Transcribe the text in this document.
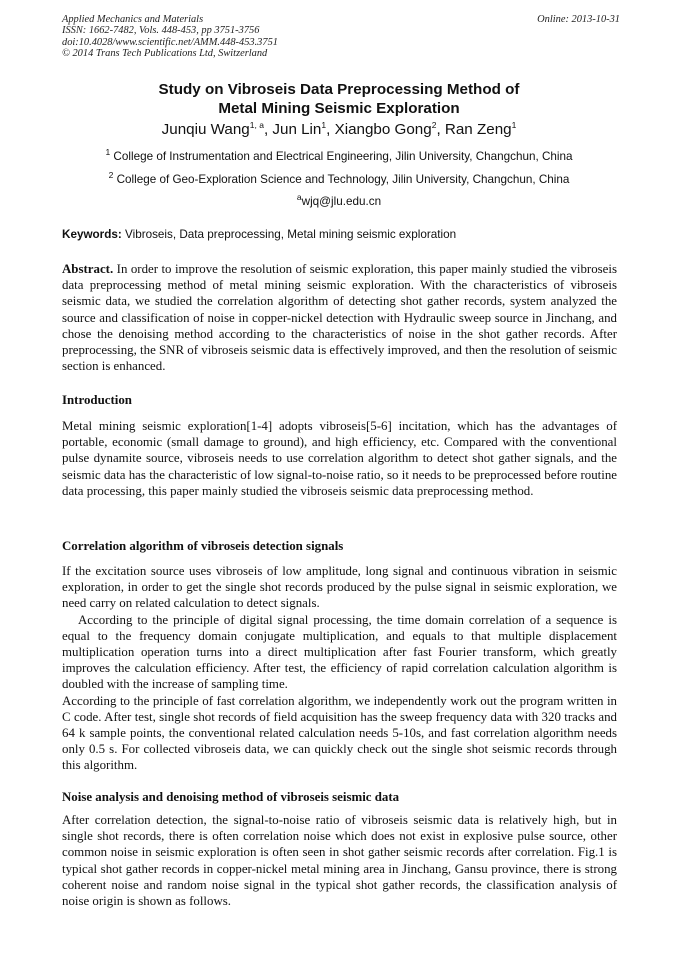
Applied Mechanics and Materials
ISSN: 1662-7482, Vols. 448-453, pp 3751-3756
doi:10.4028/www.scientific.net/AMM.448-453.3751
© 2014 Trans Tech Publications Ltd, Switzerland
Online: 2013-10-31
Study on Vibroseis Data Preprocessing Method of
Metal Mining Seismic Exploration
Junqiu Wang$^{1, a}$, Jun Lin$^1$, Xiangbo Gong$^2$, Ran Zeng$^1$
$^1$ College of Instrumentation and Electrical Engineering, Jilin University, Changchun, China
$^2$ College of Geo-Exploration Science and Technology, Jilin University, Changchun, China
$^a$wjq@jlu.edu.cn
Keywords: Vibroseis, Data preprocessing, Metal mining seismic exploration

Abstract. In order to improve the resolution of seismic exploration, this paper mainly studied the vibroseis data preprocessing method of metal mining seismic exploration. With the characteristics of vibroseis seismic data, we studied the correlation algorithm of detecting shot gather records, system analyzed the source and classification of noise in copper-nickel detection with Hydraulic sweep source in Jinchang, and chose the denoising method according to the characteristics of noise in the shot gather records. After preprocessing, the SNR of vibroseis seismic data is effectively improved, and then the resolution of seismic section is enhanced.

Introduction

Metal mining seismic exploration[1-4] adopts vibroseis[5-6] incitation, which has the advantages of portable, economic (small damage to ground), and high efficiency, etc. Compared with the conventional pulse dynamite source, vibroseis needs to use correlation algorithm to detect shot gather signals, and the seismic data has the characteristic of low signal-to-noise ratio, so it needs to be preprocessed before routine data processing, this paper mainly studied the vibroseis seismic data preprocessing method.

Correlation algorithm of vibroseis detection signals

If the excitation source uses vibroseis of low amplitude, long signal and continuous vibration in seismic exploration, in order to get the single shot records produced by the pulse signal in seismic exploration, we need carry on related calculation to detect signals.

According to the principle of digital signal processing, the time domain correlation of a sequence is equal to the frequency domain conjugate multiplication, and equals to that multiple displacement multiplication operation turns into a direct multiplication after fast Fourier transform, which greatly improves the calculation efficiency. After test, the efficiency of rapid correlation calculation algorithm is doubled with the increase of sampling time.

According to the principle of fast correlation algorithm, we independently work out the program written in C code. After test, single shot records of field acquisition has the sweep frequency data with 320 tracks and 64 k sample points, the conventional related calculation needs 5-10s, and fast correlation algorithm needs only 0.5 s. For collected vibroseis data, we can quickly check out the single shot seismic records through this algorithm.

Noise analysis and denoising method of vibroseis seismic data

After correlation detection, the signal-to-noise ratio of vibroseis seismic data is relatively high, but in single shot records, there is often correlation noise which does not exist in explosive pulse source, other common noise in seismic exploration is often seen in shot gather seismic records after correlation. Fig.1 is typical shot gather records in copper-nickel metal mining area in Jinchang, Gansu province, there is strong coherent noise and random noise signal in the typical shot gather records, the classification analysis of noise origin is shown as follows.
